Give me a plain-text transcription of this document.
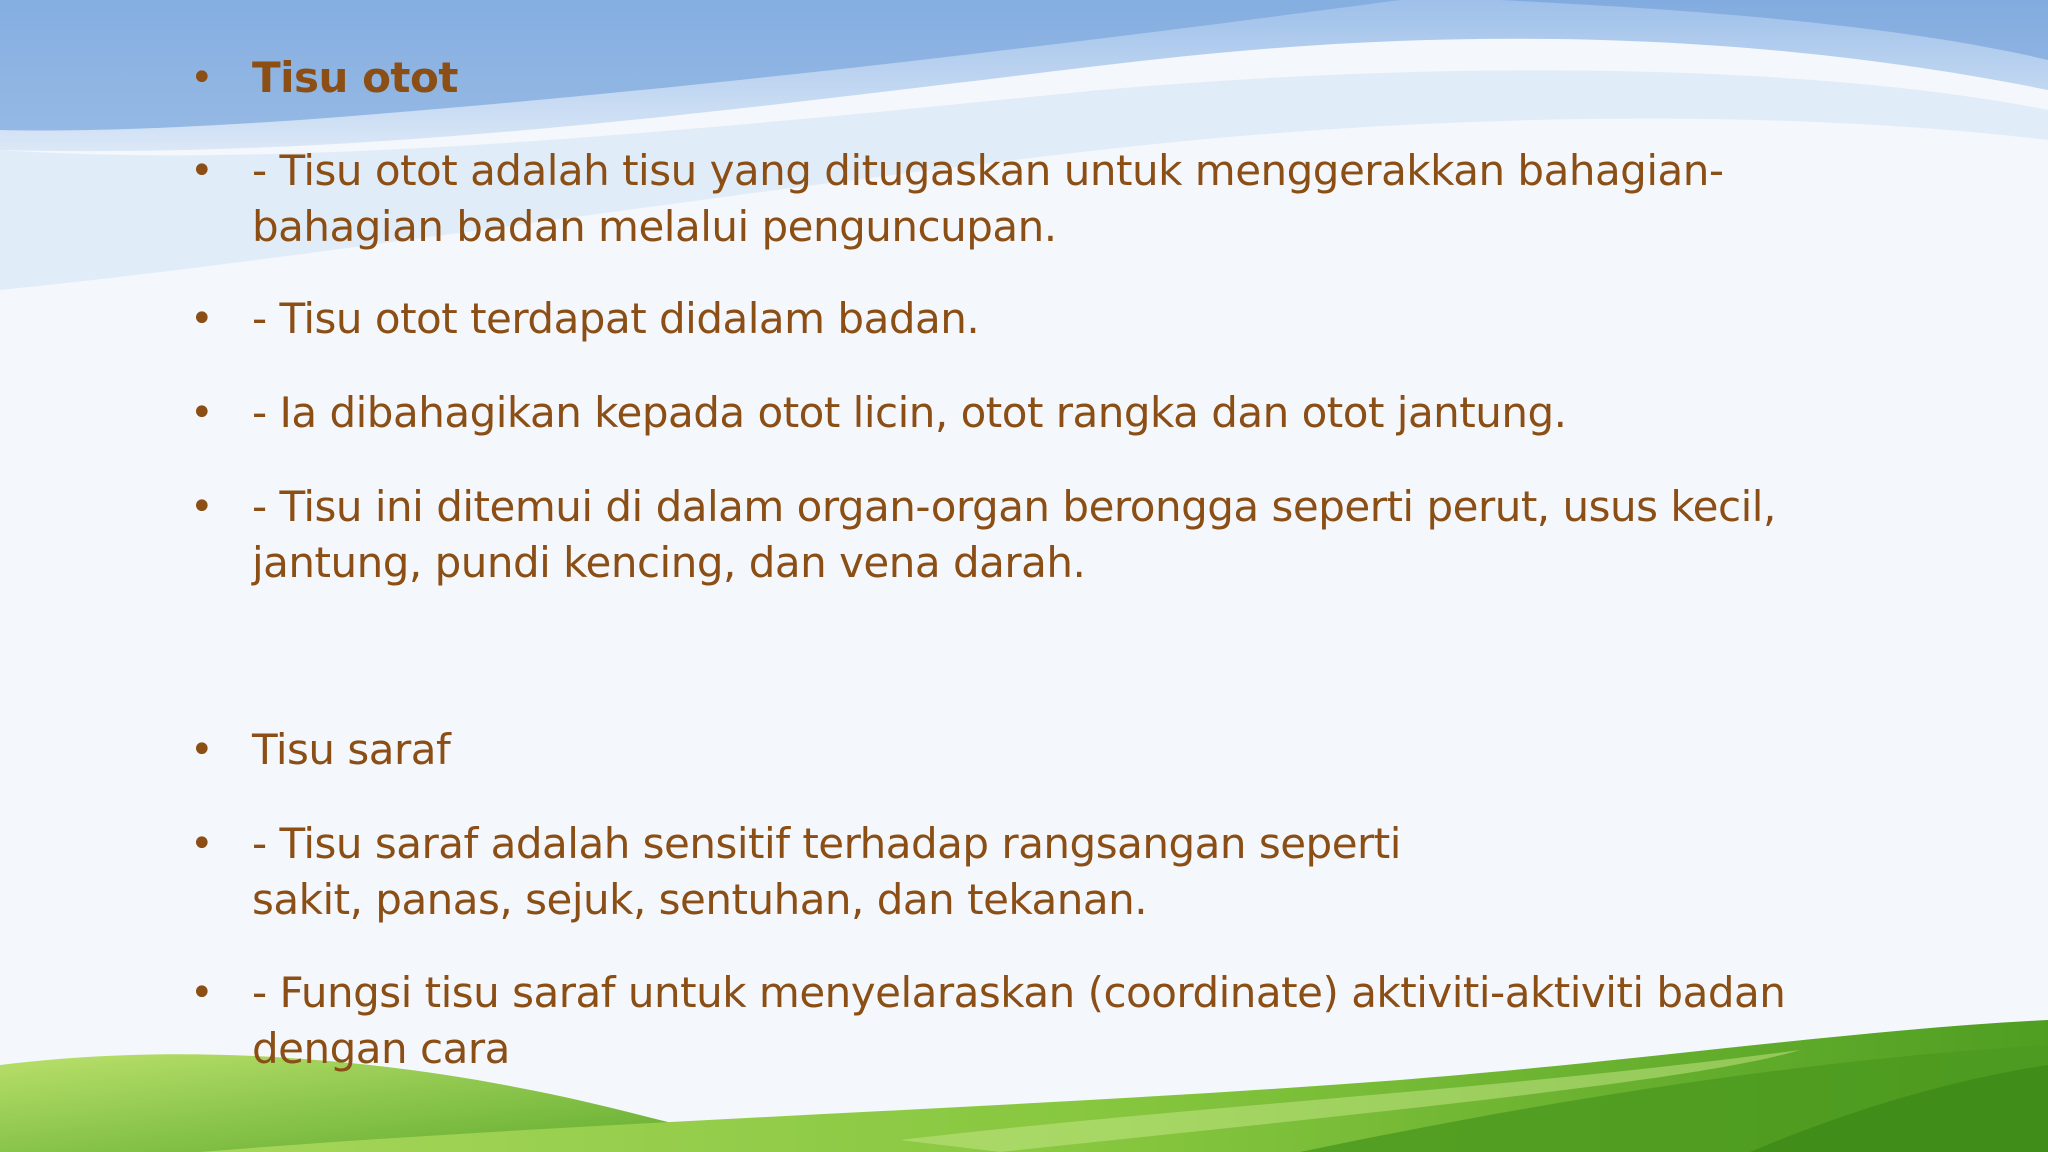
• Tisu otot
• - Tisu otot adalah tisu yang ditugaskan untuk menggerakkan bahagian-bahagian badan melalui penguncupan.
• - Tisu otot terdapat didalam badan.
• - Ia dibahagikan kepada otot licin, otot rangka dan otot jantung.
• - Tisu ini ditemui di dalam organ-organ berongga seperti perut, usus kecil, jantung, pundi kencing, dan vena darah.
• Tisu saraf
• - Tisu saraf adalah sensitif terhadap rangsangan seperti sakit, panas, sejuk, sentuhan, dan tekanan.
• - Fungsi tisu saraf untuk menyelaraskan (coordinate) aktiviti-aktiviti badan dengan cara
